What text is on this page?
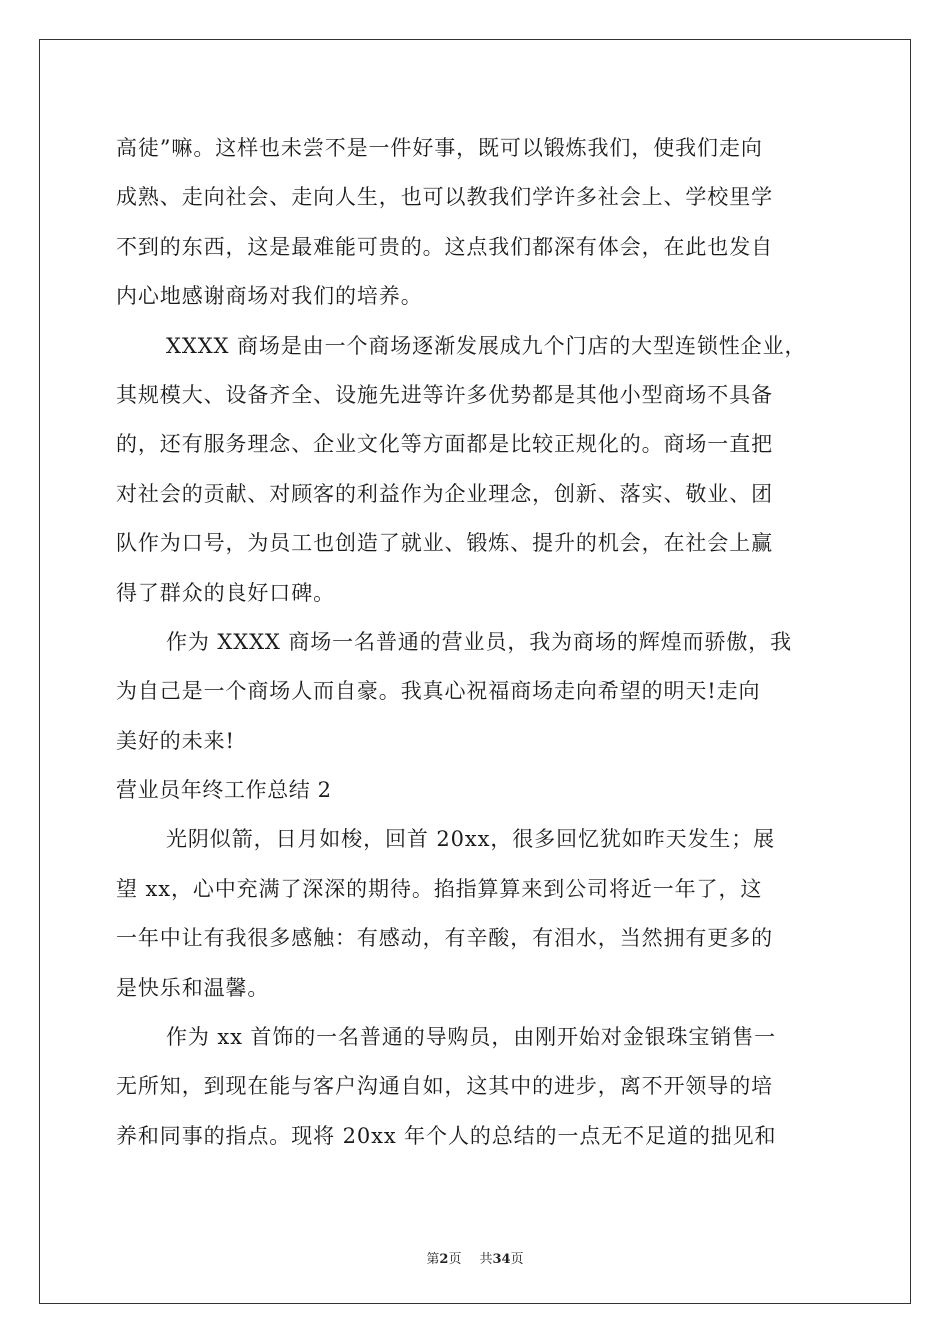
高徒”嘛。这样也未尝不是一件好事，既可以锻炼我们，使我们走向
成熟、走向社会、走向人生，也可以教我们学许多社会上、学校里学
不到的东西，这是最难能可贵的。这点我们都深有体会，在此也发自
内心地感谢商场对我们的培养。
XXXX 商场是由一个商场逐渐发展成九个门店的大型连锁性企业，
其规模大、设备齐全、设施先进等许多优势都是其他小型商场不具备
的，还有服务理念、企业文化等方面都是比较正规化的。商场一直把
对社会的贡献、对顾客的利益作为企业理念，创新、落实、敬业、团
队作为口号，为员工也创造了就业、锻炼、提升的机会，在社会上赢
得了群众的良好口碑。
作为 XXXX 商场一名普通的营业员，我为商场的辉煌而骄傲，我
为自己是一个商场人而自豪。我真心祝福商场走向希望的明天!走向
美好的未来!
营业员年终工作总结 2
光阴似箭，日月如梭，回首 20xx，很多回忆犹如昨天发生；展
望 xx，心中充满了深深的期待。掐指算算来到公司将近一年了，这
一年中让有我很多感触：有感动，有辛酸，有泪水，当然拥有更多的
是快乐和温馨。
作为 xx 首饰的一名普通的导购员，由刚开始对金银珠宝销售一
无所知，到现在能与客户沟通自如，这其中的进步，离不开领导的培
养和同事的指点。现将 20xx 年个人的总结的一点无不足道的拙见和
第2页 共34页
